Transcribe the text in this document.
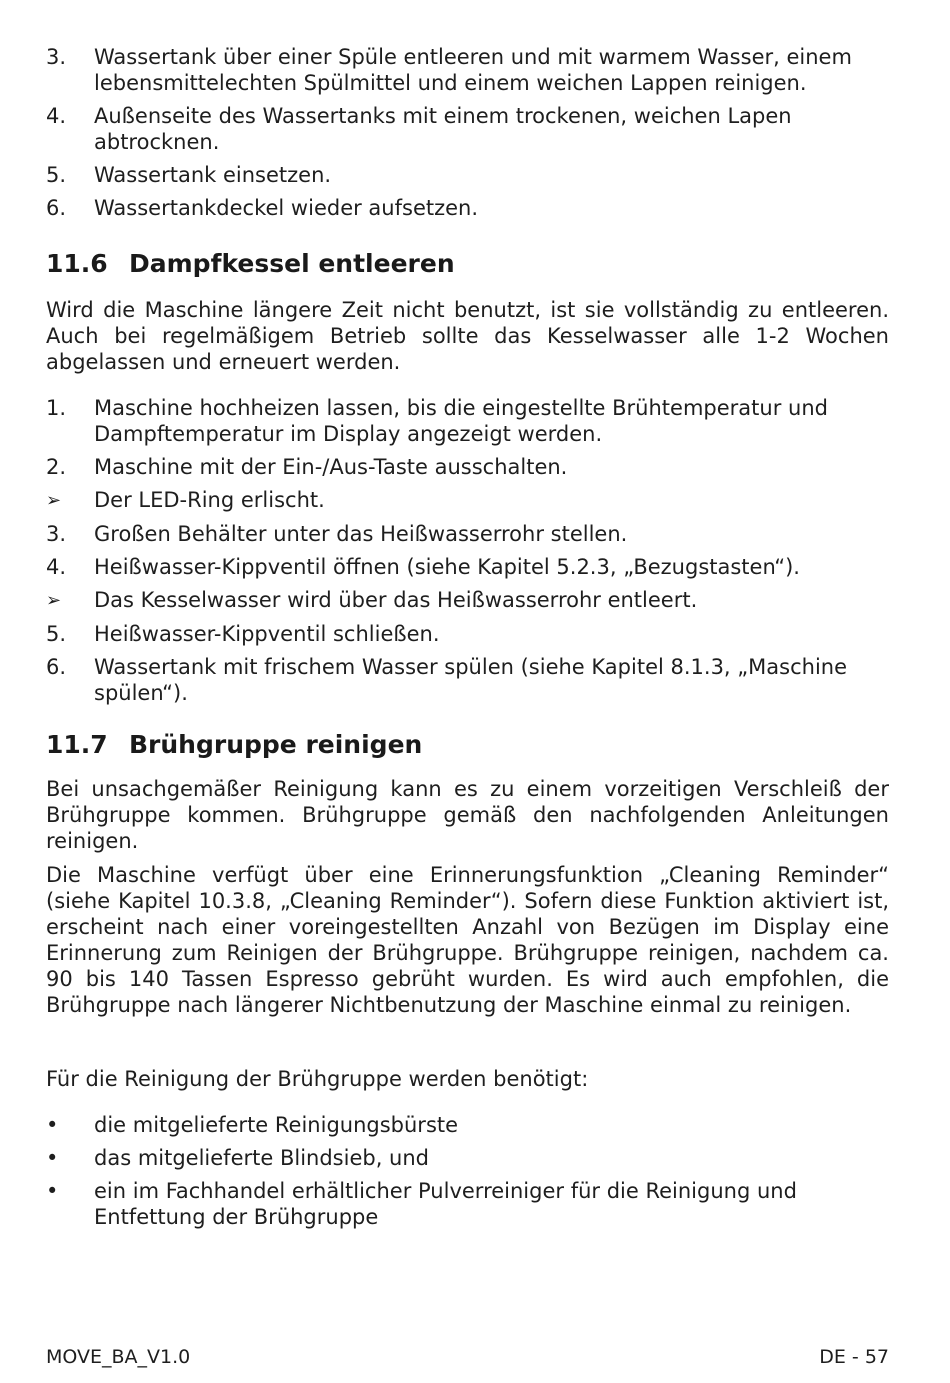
3.	Wassertank über einer Spüle entleeren und mit warmem Wasser, einem lebensmittelechten Spülmittel und einem weichen Lappen reinigen.
4.	Außenseite des Wassertanks mit einem trockenen, weichen Lapen abtrocknen.
5.	Wassertank einsetzen.
6.	Wassertankdeckel wieder aufsetzen.
11.6 Dampfkessel entleeren

Wird die Maschine längere Zeit nicht benutzt, ist sie vollständig zu entleeren. Auch bei regelmäßigem Betrieb sollte das Kesselwasser alle 1-2 Wochen abgelassen und erneuert werden.

1.	Maschine hochheizen lassen, bis die eingestellte Brühtemperatur und Dampftemperatur im Display angezeigt werden.
2.	Maschine mit der Ein-/Aus-Taste ausschalten.
➢	Der LED-Ring erlischt.
3.	Großen Behälter unter das Heißwasserrohr stellen.
4.	Heißwasser-Kippventil öffnen (siehe Kapitel 5.2.3, „Bezugstasten“).
➢	Das Kesselwasser wird über das Heißwasserrohr entleert.
5.	Heißwasser-Kippventil schließen.
6.	Wassertank mit frischem Wasser spülen (siehe Kapitel 8.1.3, „Maschine spülen“).
11.7 Brühgruppe reinigen

Bei unsachgemäßer Reinigung kann es zu einem vorzeitigen Verschleiß der Brühgruppe kommen. Brühgruppe gemäß den nachfolgenden Anleitungen reinigen.

Die Maschine verfügt über eine Erinnerungsfunktion „Cleaning Reminder“ (siehe Kapitel 10.3.8, „Cleaning Reminder“). Sofern diese Funktion aktiviert ist, erscheint nach einer voreingestellten Anzahl von Bezügen im Display eine Erinnerung zum Reinigen der Brühgruppe. Brühgruppe reinigen, nachdem ca. 90 bis 140 Tassen Espresso gebrüht wurden. Es wird auch empfohlen, die Brühgruppe nach längerer Nichtbenutzung der Maschine einmal zu reinigen.

Für die Reinigung der Brühgruppe werden benötigt:

•	die mitgelieferte Reinigungsbürste
•	das mitgelieferte Blindsieb, und
•	ein im Fachhandel erhältlicher Pulverreiniger für die Reinigung und Entfettung der Brühgruppe
MOVE_BA_V1.0	DE - 57
